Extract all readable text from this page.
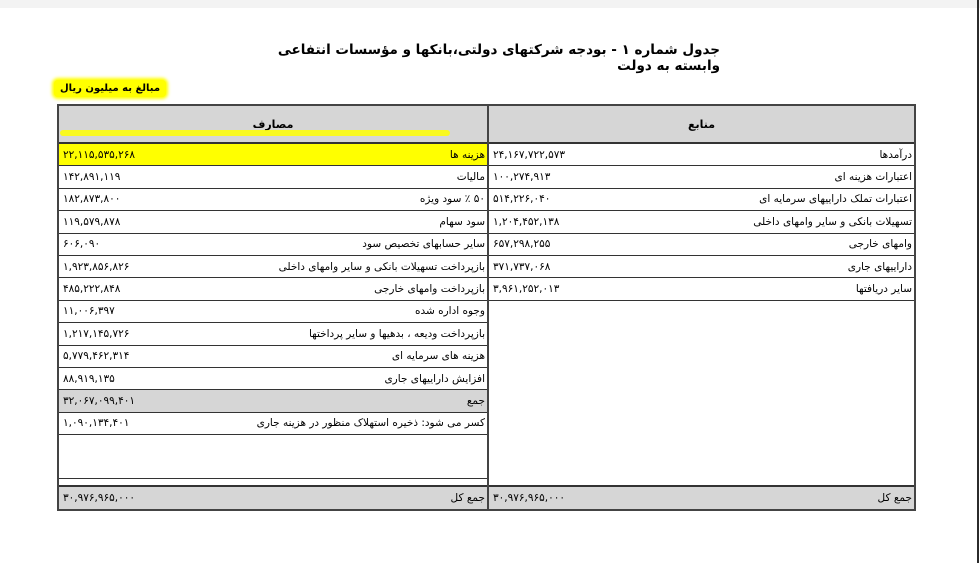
جدول شماره ۱ - بودجه شرکتهای دولتی،بانکها و مؤسسات انتفاعی وابسته به دولت
مبالغ به میلیون ریال
مصارف
هزینه ها
۲۲,۱۱۵,۵۳۵,۲۶۸
مالیات
۱۴۲,۸۹۱,۱۱۹
۵۰ ٪ سود ویژه
۱۸۲,۸۷۳,۸۰۰
سود سهام
۱۱۹,۵۷۹,۸۷۸
سایر حسابهای تخصیص سود
۶۰۶,۰۹۰
بازپرداخت تسهیلات بانکی و سایر وامهای داخلی
۱,۹۲۳,۸۵۶,۸۲۶
بازپرداخت وامهای خارجی
۴۸۵,۲۲۲,۸۴۸
وجوه اداره شده
۱۱,۰۰۶,۳۹۷
بازپرداخت ودیعه ، بدهیها و سایر پرداختها
۱,۲۱۷,۱۴۵,۷۲۶
هزینه های سرمایه ای
۵,۷۷۹,۴۶۲,۳۱۴
افزایش دارایيهای جاری
۸۸,۹۱۹,۱۳۵
جمع
۳۲,۰۶۷,۰۹۹,۴۰۱
کسر می شود: ذخیره استهلاک منظور در هزینه جاری
۱,۰۹۰,۱۳۴,۴۰۱
جمع کل
۳۰,۹۷۶,۹۶۵,۰۰۰
منابع
درآمدها
۲۴,۱۶۷,۷۲۲,۵۷۳
اعتبارات هزینه ای
۱۰۰,۲۷۴,۹۱۳
اعتبارات تملک دارایيهای سرمایه ای
۵۱۴,۲۲۶,۰۴۰
تسهیلات بانکی و سایر وامهای داخلی
۱,۲۰۴,۴۵۲,۱۳۸
وامهای خارجی
۶۵۷,۲۹۸,۲۵۵
دارایيهای جاری
۳۷۱,۷۳۷,۰۶۸
سایر دریافتها
۳,۹۶۱,۲۵۲,۰۱۳
جمع کل
۳۰,۹۷۶,۹۶۵,۰۰۰
